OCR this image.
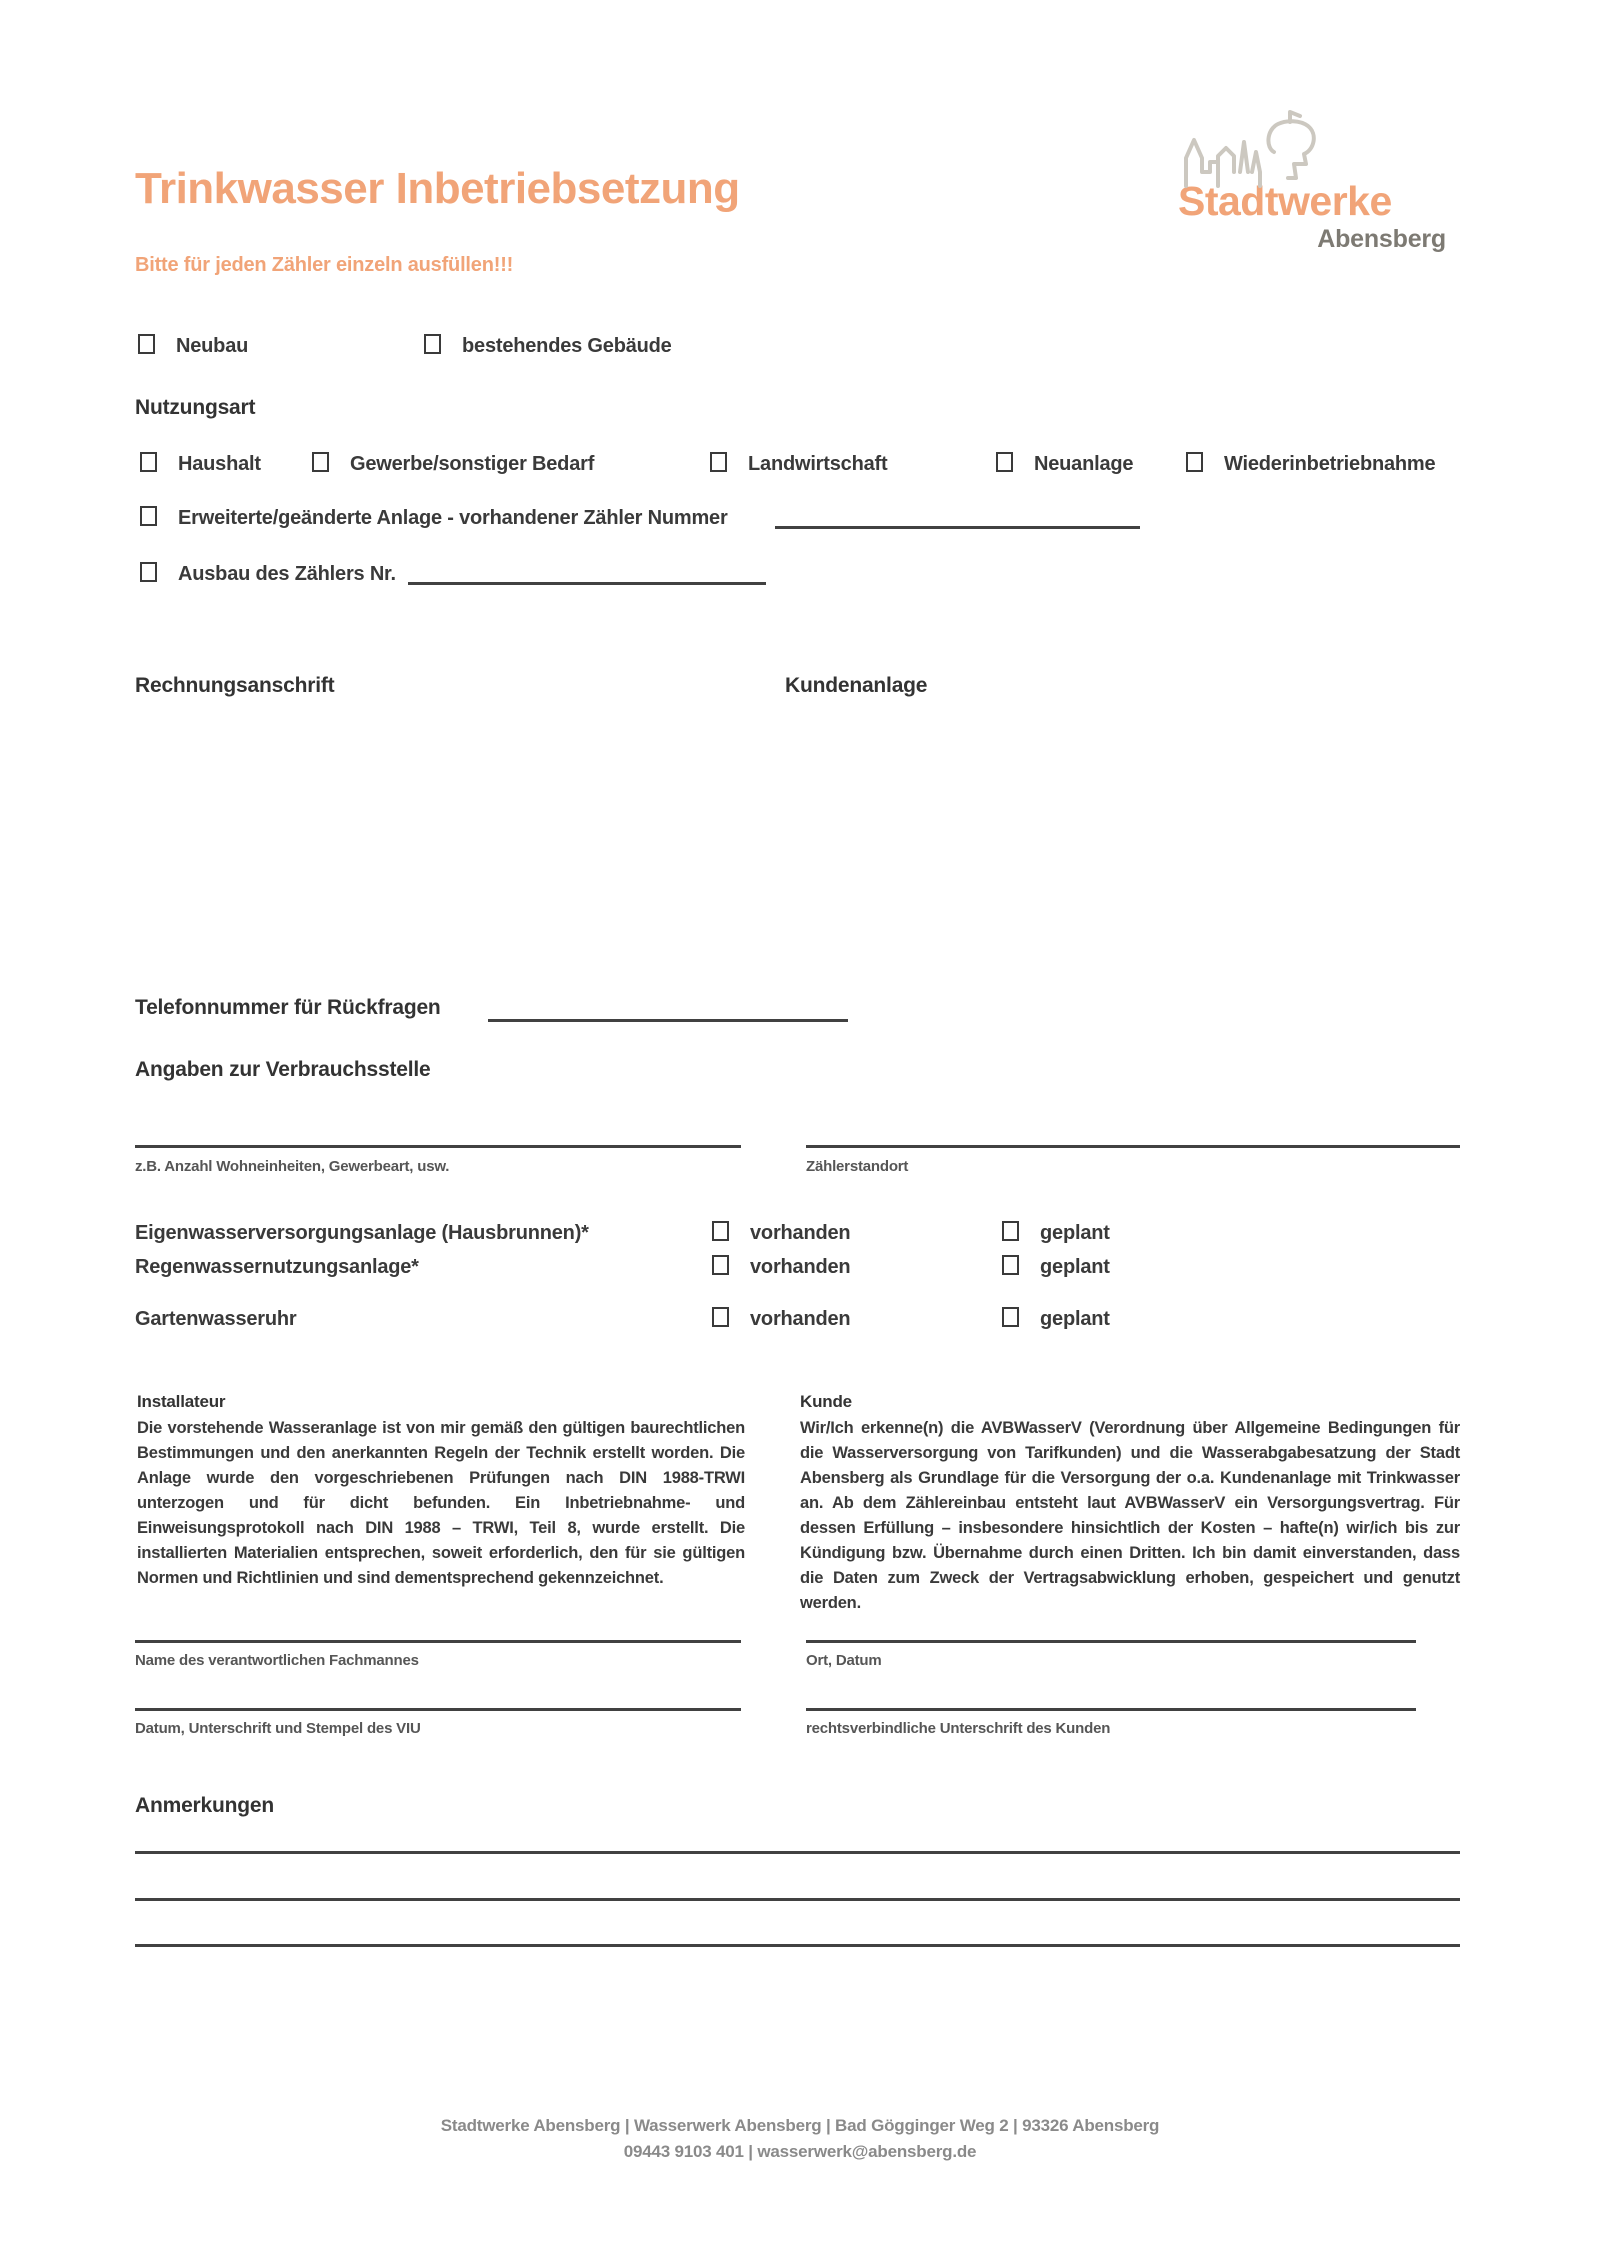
Trinkwasser Inbetriebsetzung
Bitte für jeden Zähler einzeln ausfüllen!!!
Stadtwerke
Abensberg
Neubau	bestehendes Gebäude
Nutzungsart
Haushalt	Gewerbe/sonstiger Bedarf	Landwirtschaft	Neuanlage	Wiederinbetriebnahme
Erweiterte/geänderte Anlage - vorhandener Zähler Nummer
Ausbau des Zählers Nr.
Rechnungsanschrift	Kundenanlage
Telefonnummer für Rückfragen
Angaben zur Verbrauchsstelle
z.B. Anzahl Wohneinheiten, Gewerbeart, usw.	Zählerstandort
Eigenwasserversorgungsanlage (Hausbrunnen)*	vorhanden	geplant
Regenwassernutzungsanlage*	vorhanden	geplant
Gartenwasseruhr	vorhanden	geplant
Installateur
Die vorstehende Wasseranlage ist von mir gemäß den gültigen baurechtlichen Bestimmungen und den anerkannten Regeln der Technik erstellt worden. Die Anlage wurde den vorgeschriebenen Prüfungen nach DIN 1988-TRWI unterzogen und für dicht befunden. Ein Inbetriebnahme- und Einweisungsprotokoll nach DIN 1988 – TRWI, Teil 8, wurde erstellt. Die installierten Materialien entsprechen, soweit erforderlich, den für sie gültigen Normen und Richtlinien und sind dementsprechend gekennzeichnet.
Kunde
Wir/Ich erkenne(n) die AVBWasserV (Verordnung über Allgemeine Bedingungen für die Wasserversorgung von Tarifkunden) und die Wasserabgabesatzung der Stadt Abensberg als Grundlage für die Versorgung der o.a. Kundenanlage mit Trinkwasser an. Ab dem Zählereinbau entsteht laut AVBWasserV ein Versorgungsvertrag. Für dessen Erfüllung – insbesondere hinsichtlich der Kosten – hafte(n) wir/ich bis zur Kündigung bzw. Übernahme durch einen Dritten. Ich bin damit einverstanden, dass die Daten zum Zweck der Vertragsabwicklung erhoben, gespeichert und genutzt werden.
Name des verantwortlichen Fachmannes	Ort, Datum
Datum, Unterschrift und Stempel des VIU	rechtsverbindliche Unterschrift des Kunden
Anmerkungen
Stadtwerke Abensberg | Wasserwerk Abensberg | Bad Gögginger Weg 2 | 93326 Abensberg
09443 9103 401 | wasserwerk@abensberg.de
